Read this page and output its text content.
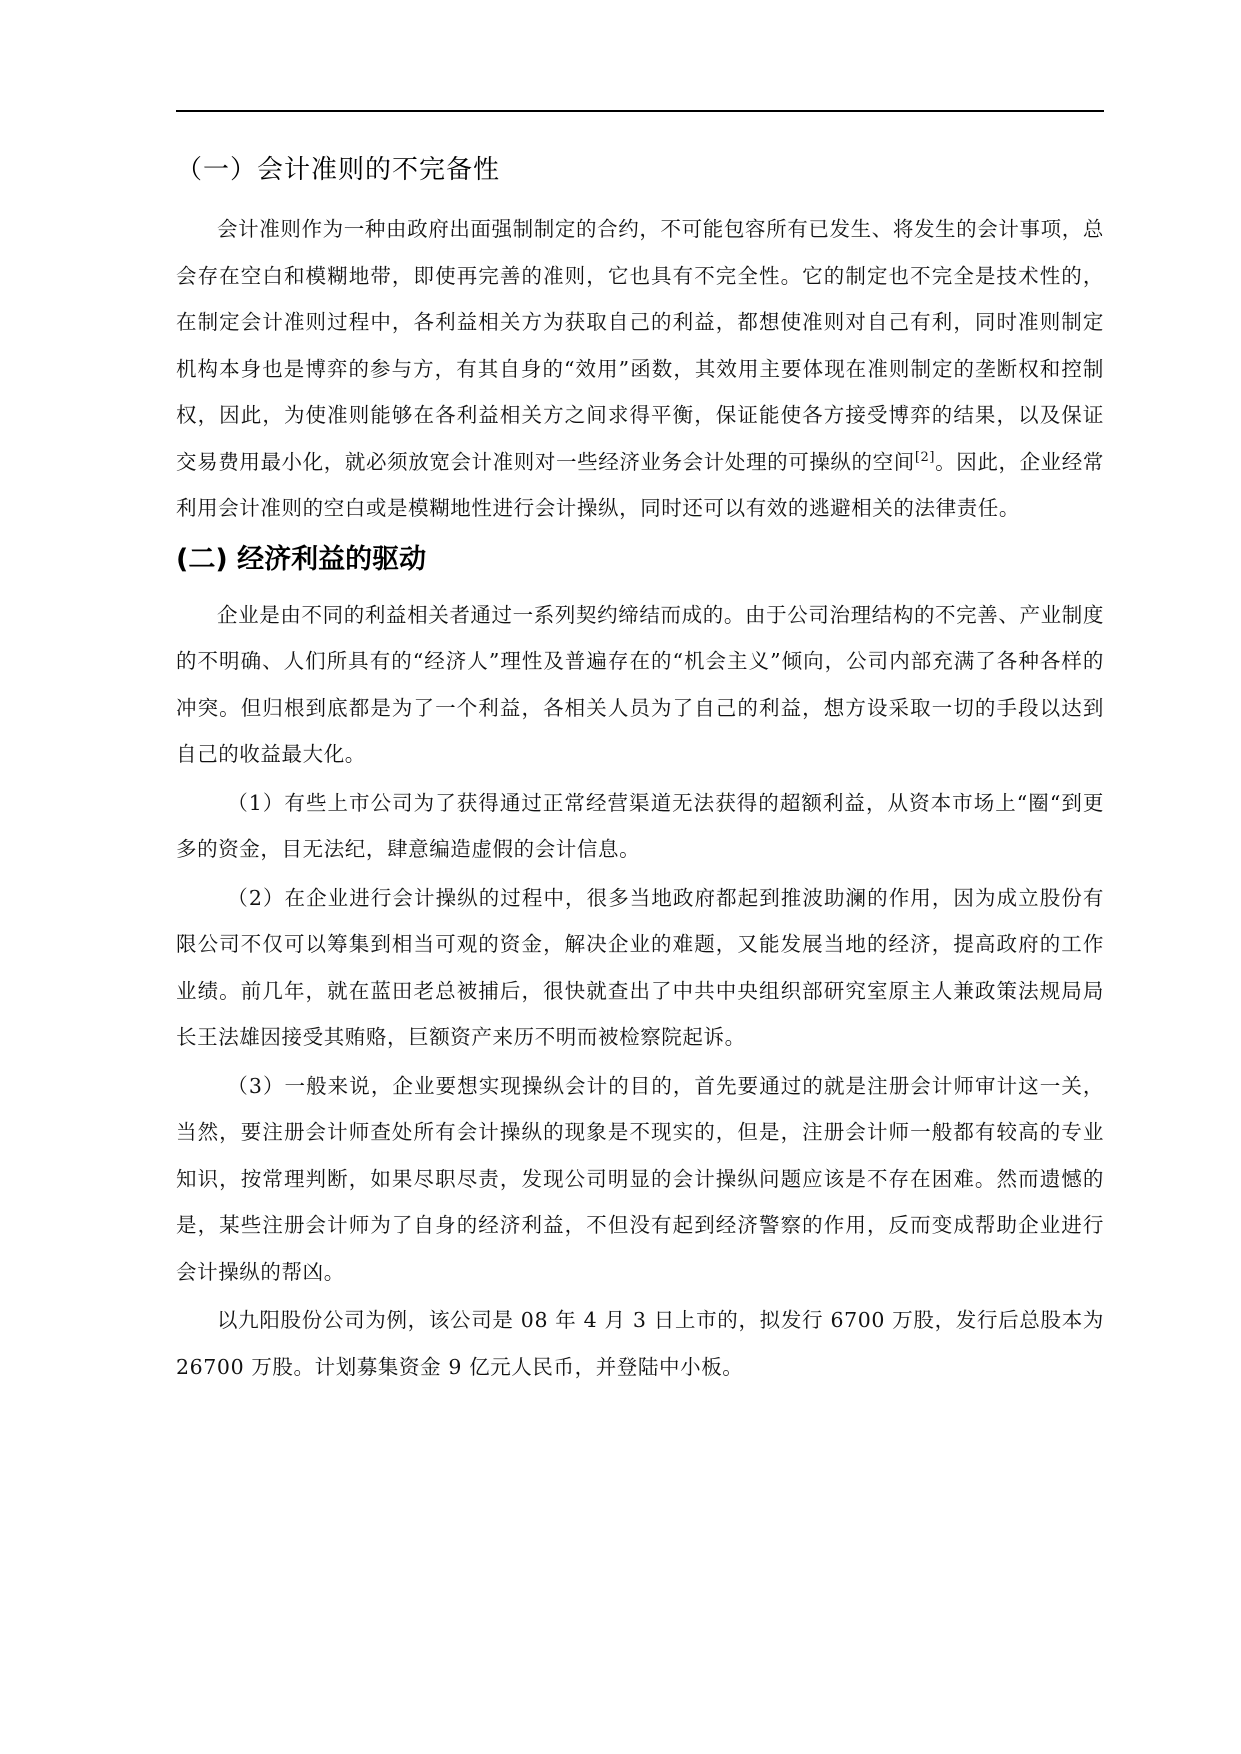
（一）会计准则的不完备性

会计准则作为一种由政府出面强制制定的合约，不可能包容所有已发生、将发生的会计事项，总会存在空白和模糊地带，即使再完善的准则，它也具有不完全性。它的制定也不完全是技术性的，在制定会计准则过程中，各利益相关方为获取自己的利益，都想使准则对自己有利，同时准则制定机构本身也是博弈的参与方，有其自身的“效用”函数，其效用主要体现在准则制定的垄断权和控制权，因此，为使准则能够在各利益相关方之间求得平衡，保证能使各方接受博弈的结果，以及保证交易费用最小化，就必须放宽会计准则对一些经济业务会计处理的可操纵的空间[2]。因此，企业经常利用会计准则的空白或是模糊地性进行会计操纵，同时还可以有效的逃避相关的法律责任。

(二) 经济利益的驱动

企业是由不同的利益相关者通过一系列契约缔结而成的。由于公司治理结构的不完善、产业制度的不明确、人们所具有的“经济人”理性及普遍存在的“机会主义”倾向，公司内部充满了各种各样的冲突。但归根到底都是为了一个利益，各相关人员为了自己的利益，想方设采取一切的手段以达到自己的收益最大化。

（1）有些上市公司为了获得通过正常经营渠道无法获得的超额利益，从资本市场上“圈“到更多的资金，目无法纪，肆意编造虚假的会计信息。

（2）在企业进行会计操纵的过程中，很多当地政府都起到推波助澜的作用，因为成立股份有限公司不仅可以筹集到相当可观的资金，解决企业的难题，又能发展当地的经济，提高政府的工作业绩。前几年，就在蓝田老总被捕后，很快就查出了中共中央组织部研究室原主人兼政策法规局局长王法雄因接受其贿赂，巨额资产来历不明而被检察院起诉。

（3）一般来说，企业要想实现操纵会计的目的，首先要通过的就是注册会计师审计这一关，当然，要注册会计师查处所有会计操纵的现象是不现实的，但是，注册会计师一般都有较高的专业知识，按常理判断，如果尽职尽责，发现公司明显的会计操纵问题应该是不存在困难。然而遗憾的是，某些注册会计师为了自身的经济利益，不但没有起到经济警察的作用，反而变成帮助企业进行会计操纵的帮凶。

以九阳股份公司为例，该公司是 08 年 4 月 3 日上市的，拟发行 6700 万股，发行后总股本为 26700 万股。计划募集资金 9 亿元人民币，并登陆中小板。
